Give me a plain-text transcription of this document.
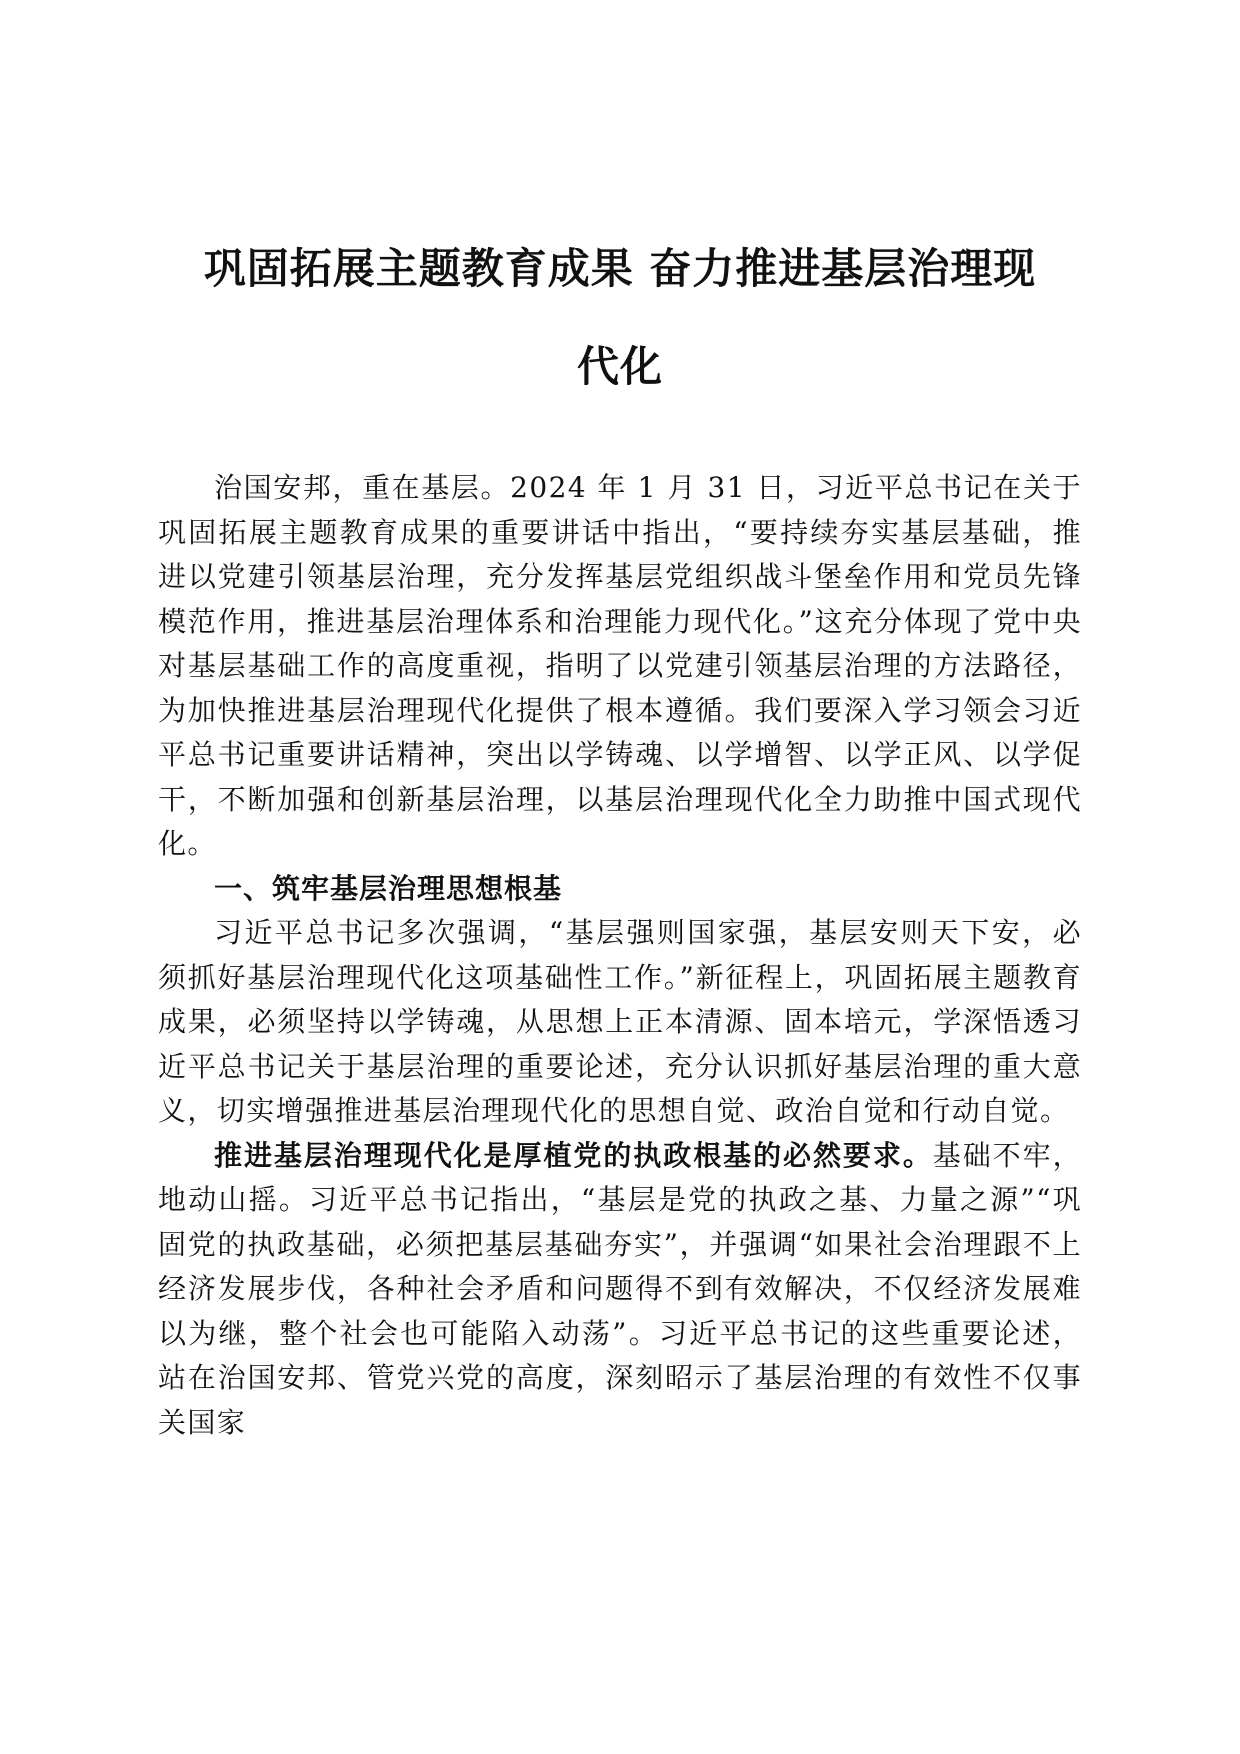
巩固拓展主题教育成果 奋力推进基层治理现
代化

治国安邦，重在基层。2024 年 1 月 31 日，习近平总书记在关于巩固拓展主题教育成果的重要讲话中指出，“要持续夯实基层基础，推进以党建引领基层治理，充分发挥基层党组织战斗堡垒作用和党员先锋模范作用，推进基层治理体系和治理能力现代化。”这充分体现了党中央对基层基础工作的高度重视，指明了以党建引领基层治理的方法路径，为加快推进基层治理现代化提供了根本遵循。我们要深入学习领会习近平总书记重要讲话精神，突出以学铸魂、以学增智、以学正风、以学促干，不断加强和创新基层治理，以基层治理现代化全力助推中国式现代化。

一、筑牢基层治理思想根基

习近平总书记多次强调，“基层强则国家强，基层安则天下安，必须抓好基层治理现代化这项基础性工作。”新征程上，巩固拓展主题教育成果，必须坚持以学铸魂，从思想上正本清源、固本培元，学深悟透习近平总书记关于基层治理的重要论述，充分认识抓好基层治理的重大意义，切实增强推进基层治理现代化的思想自觉、政治自觉和行动自觉。

推进基层治理现代化是厚植党的执政根基的必然要求。基础不牢，地动山摇。习近平总书记指出，“基层是党的执政之基、力量之源”“巩固党的执政基础，必须把基层基础夯实”，并强调“如果社会治理跟不上经济发展步伐，各种社会矛盾和问题得不到有效解决，不仅经济发展难以为继，整个社会也可能陷入动荡”。习近平总书记的这些重要论述，站在治国安邦、管党兴党的高度，深刻昭示了基层治理的有效性不仅事关国家
